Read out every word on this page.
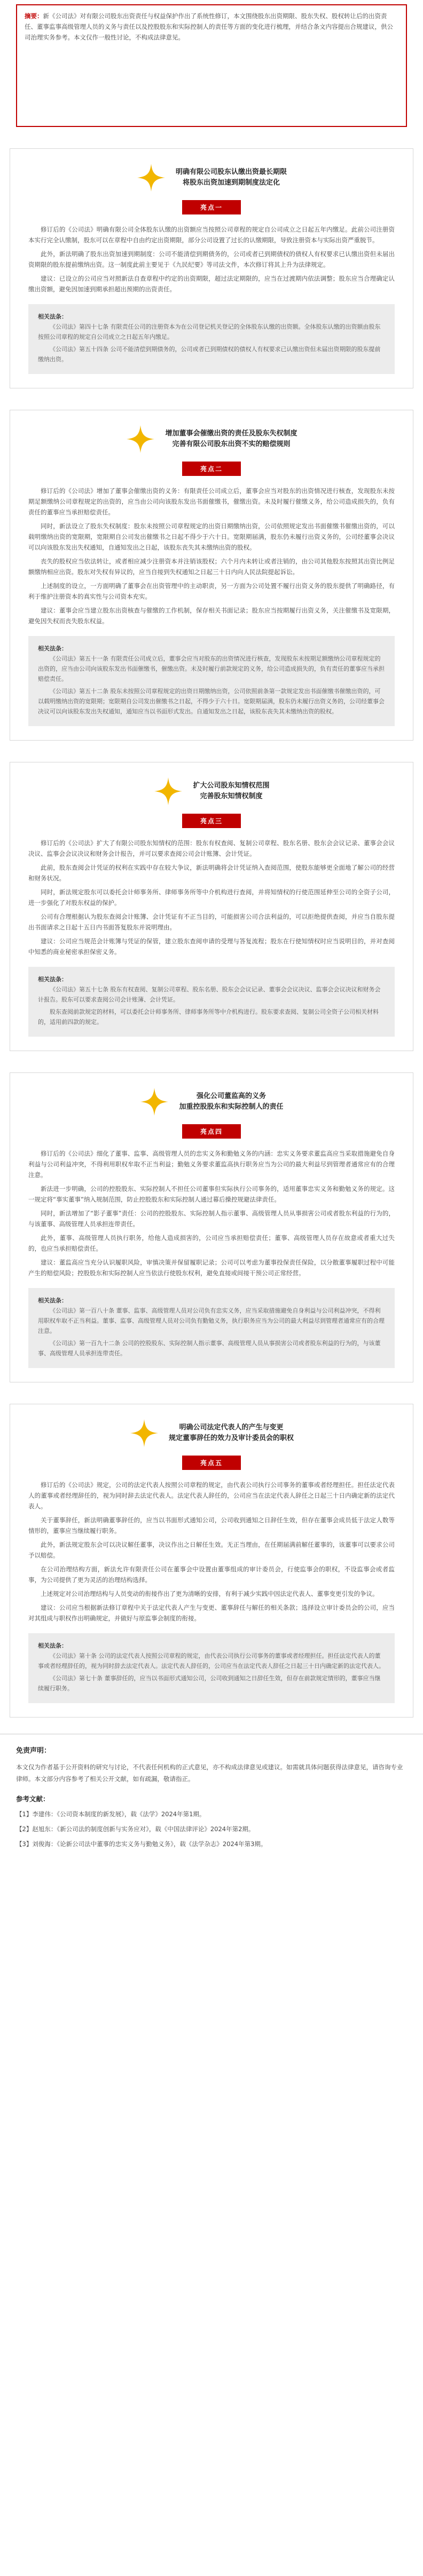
摘要：新《公司法》对有限公司股东出资责任与权益保护作出了系统性修订，本文围绕股东出资期限、股东失权、股权转让后的出资责任、董事监事高级管理人员的义务与责任以及控股股东和实际控制人的责任等方面的变化进行梳理，并结合条文内容提出合规建议，供公司治理实务参考。本文仅作一般性讨论，不构成法律意见。

明确有限公司股东认缴出资最长期限
将股东出资加速到期制度法定化
亮点一

修订后的《公司法》明确有限公司全体股东认缴的出资额应当按照公司章程的规定自公司成立之日起五年内缴足。此前公司注册资本实行完全认缴制，股东可以在章程中自由约定出资期限，部分公司设置了过长的认缴期限，导致注册资本与实际出资严重脱节。

此外，新法明确了股东出资加速到期制度：公司不能清偿到期债务的，公司或者已到期债权的债权人有权要求已认缴出资但未届出资期限的股东提前缴纳出资。这一制度此前主要见于《九民纪要》等司法文件，本次修订将其上升为法律规定。

建议：已设立的公司应当对照新法自查章程中约定的出资期限，超过法定期限的，应当在过渡期内依法调整；股东应当合理确定认缴出资额，避免因加速到期承担超出预期的出资责任。

相关法条：

《公司法》第四十七条 有限责任公司的注册资本为在公司登记机关登记的全体股东认缴的出资额。全体股东认缴的出资额由股东按照公司章程的规定自公司成立之日起五年内缴足。

《公司法》第五十四条 公司不能清偿到期债务的，公司或者已到期债权的债权人有权要求已认缴出资但未届出资期限的股东提前缴纳出资。

增加董事会催缴出资的责任及股东失权制度
完善有限公司股东出资不实的赔偿规则
亮点二

修订后的《公司法》增加了董事会催缴出资的义务：有限责任公司成立后，董事会应当对股东的出资情况进行核查，发现股东未按期足额缴纳公司章程规定的出资的，应当由公司向该股东发出书面催缴书，催缴出资。未及时履行催缴义务，给公司造成损失的，负有责任的董事应当承担赔偿责任。

同时，新法设立了股东失权制度：股东未按照公司章程规定的出资日期缴纳出资，公司依照规定发出书面催缴书催缴出资的，可以载明缴纳出资的宽限期，宽限期自公司发出催缴书之日起不得少于六十日。宽限期届满，股东仍未履行出资义务的，公司经董事会决议可以向该股东发出失权通知，自通知发出之日起，该股东丧失其未缴纳出资的股权。

丧失的股权应当依法转让，或者相应减少注册资本并注销该股权；六个月内未转让或者注销的，由公司其他股东按照其出资比例足额缴纳相应出资。股东对失权有异议的，应当自接到失权通知之日起三十日内向人民法院提起诉讼。

上述制度的设立，一方面明确了董事会在出资管理中的主动职责，另一方面为公司处置不履行出资义务的股东提供了明确路径，有利于维护注册资本的真实性与公司资本充实。

建议：董事会应当建立股东出资核查与催缴的工作机制，保存相关书面记录；股东应当按期履行出资义务，关注催缴书及宽限期，避免因失权而丧失股东权益。

相关法条：

《公司法》第五十一条 有限责任公司成立后，董事会应当对股东的出资情况进行核查，发现股东未按期足额缴纳公司章程规定的出资的，应当由公司向该股东发出书面催缴书，催缴出资。未及时履行前款规定的义务，给公司造成损失的，负有责任的董事应当承担赔偿责任。

《公司法》第五十二条 股东未按照公司章程规定的出资日期缴纳出资，公司依照前条第一款规定发出书面催缴书催缴出资的，可以载明缴纳出资的宽限期；宽限期自公司发出催缴书之日起，不得少于六十日。宽限期届满，股东仍未履行出资义务的，公司经董事会决议可以向该股东发出失权通知，通知应当以书面形式发出。自通知发出之日起，该股东丧失其未缴纳出资的股权。

扩大公司股东知情权范围
完善股东知情权制度
亮点三

修订后的《公司法》扩大了有限公司股东知情权的范围：股东有权查阅、复制公司章程、股东名册、股东会会议记录、董事会会议决议、监事会会议决议和财务会计报告，并可以要求查阅公司会计账簿、会计凭证。

此前，股东查阅会计凭证的权利在实践中存在较大争议，新法明确将会计凭证纳入查阅范围，使股东能够更全面地了解公司的经营和财务状况。

同时，新法规定股东可以委托会计师事务所、律师事务所等中介机构进行查阅，并将知情权的行使范围延伸至公司的全资子公司，进一步强化了对股东权益的保护。

公司有合理根据认为股东查阅会计账簿、会计凭证有不正当目的，可能损害公司合法利益的，可以拒绝提供查阅，并应当自股东提出书面请求之日起十五日内书面答复股东并说明理由。

建议：公司应当规范会计账簿与凭证的保管，建立股东查阅申请的受理与答复流程；股东在行使知情权时应当说明目的，并对查阅中知悉的商业秘密承担保密义务。

相关法条：

《公司法》第五十七条 股东有权查阅、复制公司章程、股东名册、股东会会议记录、董事会会议决议、监事会会议决议和财务会计报告。股东可以要求查阅公司会计账簿、会计凭证。

股东查阅前款规定的材料，可以委托会计师事务所、律师事务所等中介机构进行。股东要求查阅、复制公司全资子公司相关材料的，适用前四款的规定。

强化公司董监高的义务
加重控股股东和实际控制人的责任
亮点四

修订后的《公司法》细化了董事、监事、高级管理人员的忠实义务和勤勉义务的内涵：忠实义务要求董监高应当采取措施避免自身利益与公司利益冲突，不得利用职权牟取不正当利益；勤勉义务要求董监高执行职务应当为公司的最大利益尽到管理者通常应有的合理注意。

新法进一步明确，公司的控股股东、实际控制人不担任公司董事但实际执行公司事务的，适用董事忠实义务和勤勉义务的规定。这一规定将“事实董事”纳入规制范围，防止控股股东和实际控制人通过幕后操控规避法律责任。

同时，新法增加了“影子董事”责任：公司的控股股东、实际控制人指示董事、高级管理人员从事损害公司或者股东利益的行为的，与该董事、高级管理人员承担连带责任。

此外，董事、高级管理人员执行职务，给他人造成损害的，公司应当承担赔偿责任；董事、高级管理人员存在故意或者重大过失的，也应当承担赔偿责任。

建议：董监高应当充分认识履职风险，审慎决策并保留履职记录；公司可以考虑为董事投保责任保险，以分散董事履职过程中可能产生的赔偿风险；控股股东和实际控制人应当依法行使股东权利，避免直接或间接干预公司正常经营。

相关法条：

《公司法》第一百八十条 董事、监事、高级管理人员对公司负有忠实义务，应当采取措施避免自身利益与公司利益冲突，不得利用职权牟取不正当利益。董事、监事、高级管理人员对公司负有勤勉义务，执行职务应当为公司的最大利益尽到管理者通常应有的合理注意。

《公司法》第一百九十二条 公司的控股股东、实际控制人指示董事、高级管理人员从事损害公司或者股东利益的行为的，与该董事、高级管理人员承担连带责任。

明确公司法定代表人的产生与变更
规定董事辞任的效力及审计委员会的职权
亮点五

修订后的《公司法》规定，公司的法定代表人按照公司章程的规定，由代表公司执行公司事务的董事或者经理担任。担任法定代表人的董事或者经理辞任的，视为同时辞去法定代表人。法定代表人辞任的，公司应当在法定代表人辞任之日起三十日内确定新的法定代表人。

关于董事辞任，新法明确董事辞任的，应当以书面形式通知公司，公司收到通知之日辞任生效，但存在董事会成员低于法定人数等情形的，董事应当继续履行职务。

此外，新法规定股东会可以决议解任董事，决议作出之日解任生效。无正当理由，在任期届满前解任董事的，该董事可以要求公司予以赔偿。

在公司治理结构方面，新法允许有限责任公司在董事会中设置由董事组成的审计委员会，行使监事会的职权，不设监事会或者监事，为公司提供了更为灵活的治理结构选择。

上述规定对公司治理结构与人员变动的衔接作出了更为清晰的安排，有利于减少实践中因法定代表人、董事变更引发的争议。

建议：公司应当根据新法修订章程中关于法定代表人产生与变更、董事辞任与解任的相关条款；选择设立审计委员会的公司，应当对其组成与职权作出明确规定，并做好与原监事会制度的衔接。

相关法条：

《公司法》第十条 公司的法定代表人按照公司章程的规定，由代表公司执行公司事务的董事或者经理担任。担任法定代表人的董事或者经理辞任的，视为同时辞去法定代表人。法定代表人辞任的，公司应当在法定代表人辞任之日起三十日内确定新的法定代表人。

《公司法》第七十条 董事辞任的，应当以书面形式通知公司，公司收到通知之日辞任生效，但存在前款规定情形的，董事应当继续履行职务。

免责声明：

本文仅为作者基于公开资料的研究与讨论，不代表任何机构的正式意见，亦不构成法律意见或建议。如需就具体问题获得法律意见，请咨询专业律师。本文部分内容参考了相关公开文献，如有疏漏，敬请指正。

参考文献：

【1】李建伟：《公司资本制度的新发展》，载《法学》2024年第1期。

【2】赵旭东：《新公司法的制度创新与实务应对》，载《中国法律评论》2024年第2期。

【3】刘俊海：《论新公司法中董事的忠实义务与勤勉义务》，载《法学杂志》2024年第3期。
